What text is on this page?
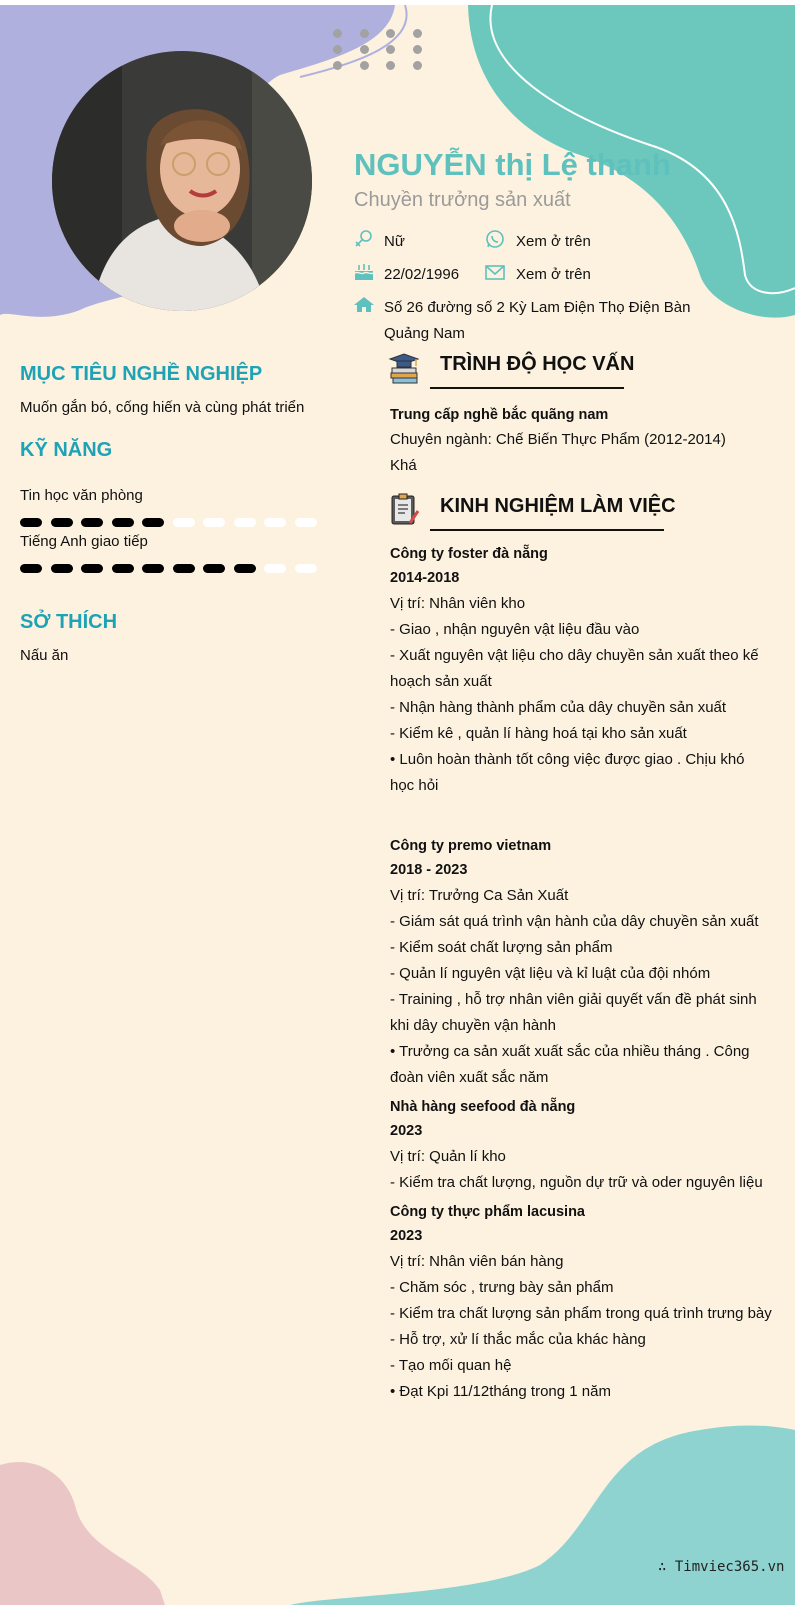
NGUYỄN thị Lệ thanh
Chuyền trưởng sản xuất
Nữ	Xem ở trên
22/02/1996	Xem ở trên
Số 26 đường số 2 Kỳ Lam Điện Thọ Điện Bàn
Quảng Nam
MỤC TIÊU NGHỀ NGHIỆP
Muốn gắn bó, cống hiến và cùng phát triển
KỸ NĂNG
Tin học văn phòng
Tiếng Anh giao tiếp
SỞ THÍCH
Nấu ăn
TRÌNH ĐỘ HỌC VẤN
Trung cấp nghề bắc quãng nam
Chuyên ngành: Chế Biến Thực Phẩm (2012-2014)
Khá
KINH NGHIỆM LÀM VIỆC
Công ty foster đà nẵng
2014-2018
Vị trí: Nhân viên kho
- Giao , nhận nguyên vật liệu đầu vào
- Xuất nguyên vật liệu cho dây chuyền sản xuất theo kế
hoạch sản xuất
- Nhận hàng thành phẩm của dây chuyền sản xuất
- Kiểm kê , quản lí hàng hoá tại kho sản xuất
• Luôn hoàn thành tốt công việc được giao . Chịu khó
học hỏi
Công ty premo vietnam
2018 - 2023
Vị trí: Trưởng Ca Sản Xuất
- Giám sát quá trình vận hành của dây chuyền sản xuất
- Kiểm soát chất lượng sản phẩm
- Quản lí nguyên vật liệu và kỉ luật của đội nhóm
- Training , hỗ trợ nhân viên giải quyết vấn đề phát sinh
khi dây chuyền vận hành
• Trưởng ca sản xuất xuất sắc của nhiều tháng . Công
đoàn viên xuất sắc năm
Nhà hàng seefood đà nẵng
2023
Vị trí: Quản lí kho
- Kiểm tra chất lượng, nguồn dự trữ và oder nguyên liệu
Công ty thực phẩm lacusina
2023
Vị trí: Nhân viên bán hàng
- Chăm sóc , trưng bày sản phẩm
- Kiểm tra chất lượng sản phẩm trong quá trình trưng bày
- Hỗ trợ, xử lí thắc mắc của khác hàng
- Tạo mối quan hệ
• Đạt Kpi 11/12tháng trong 1 năm
∴ Timviec365.vn
